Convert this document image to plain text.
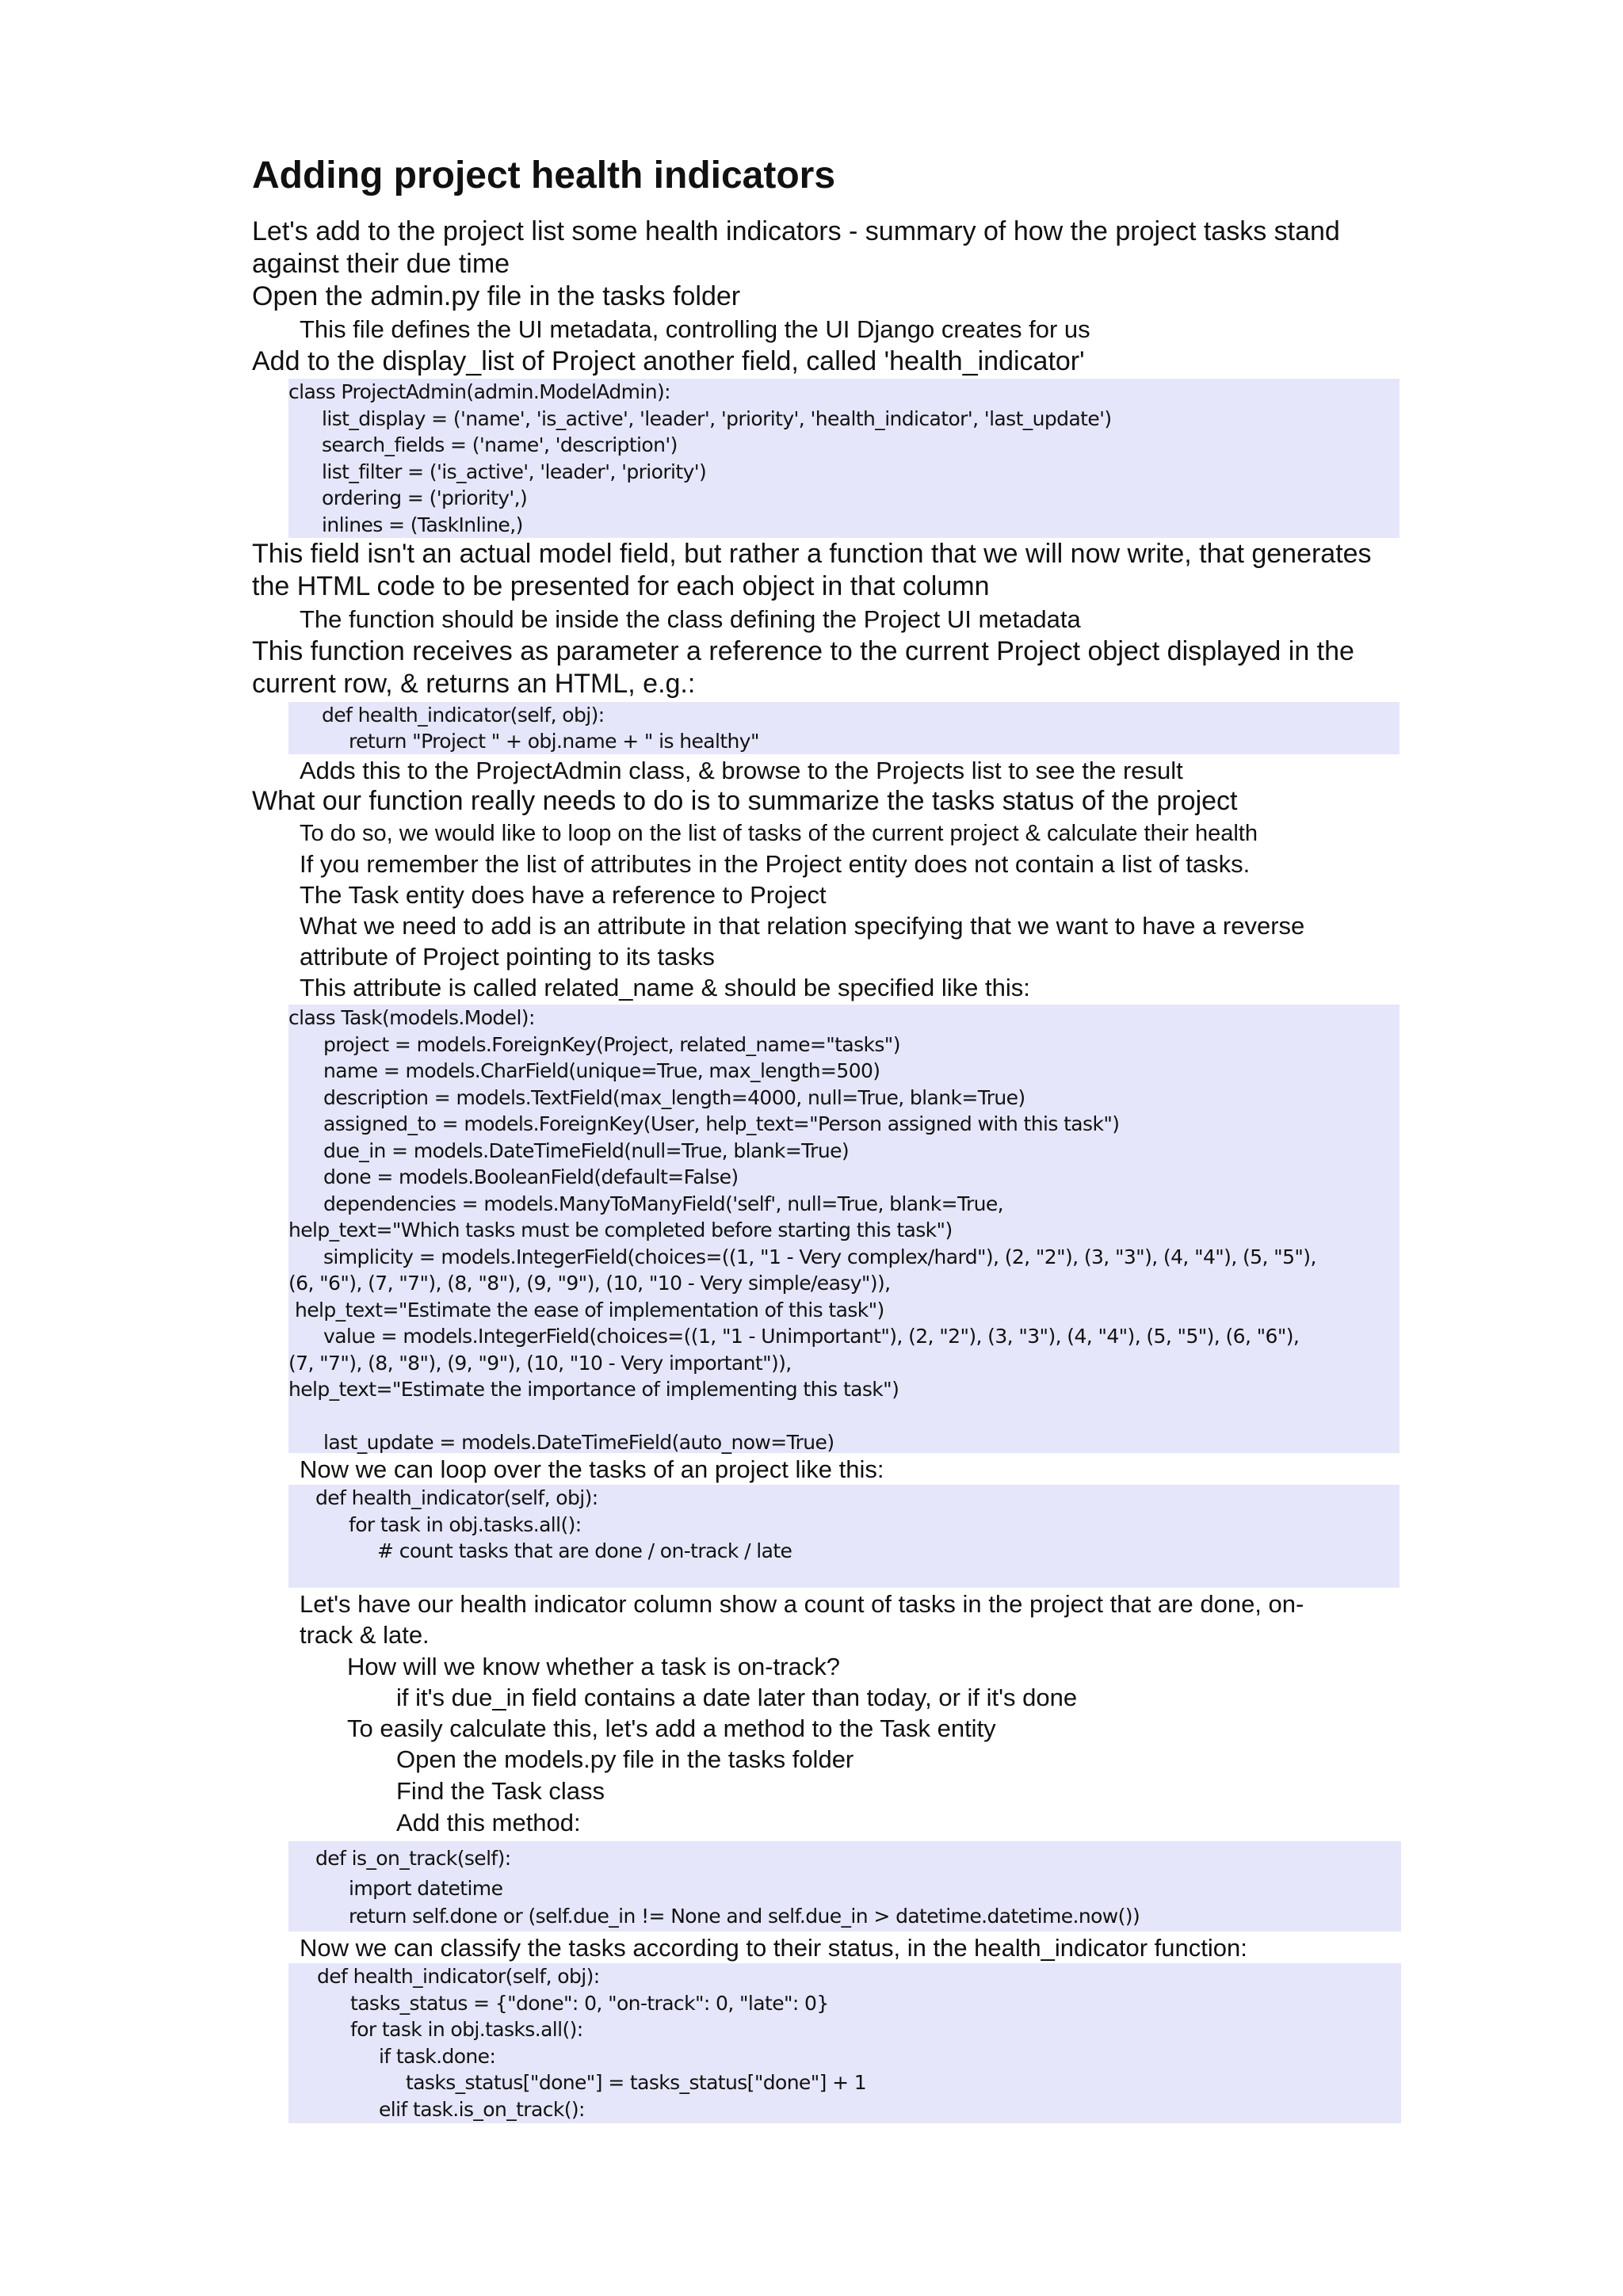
Adding project health indicators

Let's add to the project list some health indicators - summary of how the project tasks stand

against their due time

Open the admin.py file in the tasks folder

This file defines the UI metadata, controlling the UI Django creates for us

Add to the display_list of Project another field, called 'health_indicator'

class ProjectAdmin(admin.ModelAdmin):
list_display = ('name', 'is_active', 'leader', 'priority', 'health_indicator', 'last_update')
search_fields = ('name', 'description')
list_filter = ('is_active', 'leader', 'priority')
ordering = ('priority',)
inlines = (TaskInline,)

This field isn't an actual model field, but rather a function that we will now write, that generates

the HTML code to be presented for each object in that column

The function should be inside the class defining the Project UI metadata

This function receives as parameter a reference to the current Project object displayed in the

current row, & returns an HTML, e.g.:

def health_indicator(self, obj):
return "Project " + obj.name + " is healthy"

Adds this to the ProjectAdmin class, & browse to the Projects list to see the result

What our function really needs to do is to summarize the tasks status of the project

To do so, we would like to loop on the list of tasks of the current project & calculate their health

If you remember the list of attributes in the Project entity does not contain a list of tasks.

The Task entity does have a reference to Project

What we need to add is an attribute in that relation specifying that we want to have a reverse

attribute of Project pointing to its tasks

This attribute is called related_name & should be specified like this:

class Task(models.Model):
project = models.ForeignKey(Project, related_name="tasks")
name = models.CharField(unique=True, max_length=500)
description = models.TextField(max_length=4000, null=True, blank=True)
assigned_to = models.ForeignKey(User, help_text="Person assigned with this task")
due_in = models.DateTimeField(null=True, blank=True)
done = models.BooleanField(default=False)
dependencies = models.ManyToManyField('self', null=True, blank=True,
help_text="Which tasks must be completed before starting this task")
simplicity = models.IntegerField(choices=((1, "1 - Very complex/hard"), (2, "2"), (3, "3"), (4, "4"), (5, "5"),
(6, "6"), (7, "7"), (8, "8"), (9, "9"), (10, "10 - Very simple/easy")),
help_text="Estimate the ease of implementation of this task")
value = models.IntegerField(choices=((1, "1 - Unimportant"), (2, "2"), (3, "3"), (4, "4"), (5, "5"), (6, "6"),
(7, "7"), (8, "8"), (9, "9"), (10, "10 - Very important")),
help_text="Estimate the importance of implementing this task")
last_update = models.DateTimeField(auto_now=True)

Now we can loop over the tasks of an project like this:

def health_indicator(self, obj):
for task in obj.tasks.all():
# count tasks that are done / on-track / late

Let's have our health indicator column show a count of tasks in the project that are done, on-

track & late.

How will we know whether a task is on-track?

if it's due_in field contains a date later than today, or if it's done

To easily calculate this, let's add a method to the Task entity

Open the models.py file in the tasks folder

Find the Task class

Add this method:

def is_on_track(self):
import datetime
return self.done or (self.due_in != None and self.due_in > datetime.datetime.now())

Now we can classify the tasks according to their status, in the health_indicator function:

def health_indicator(self, obj):
tasks_status = {"done": 0, "on-track": 0, "late": 0}
for task in obj.tasks.all():
if task.done:
tasks_status["done"] = tasks_status["done"] + 1
elif task.is_on_track():
